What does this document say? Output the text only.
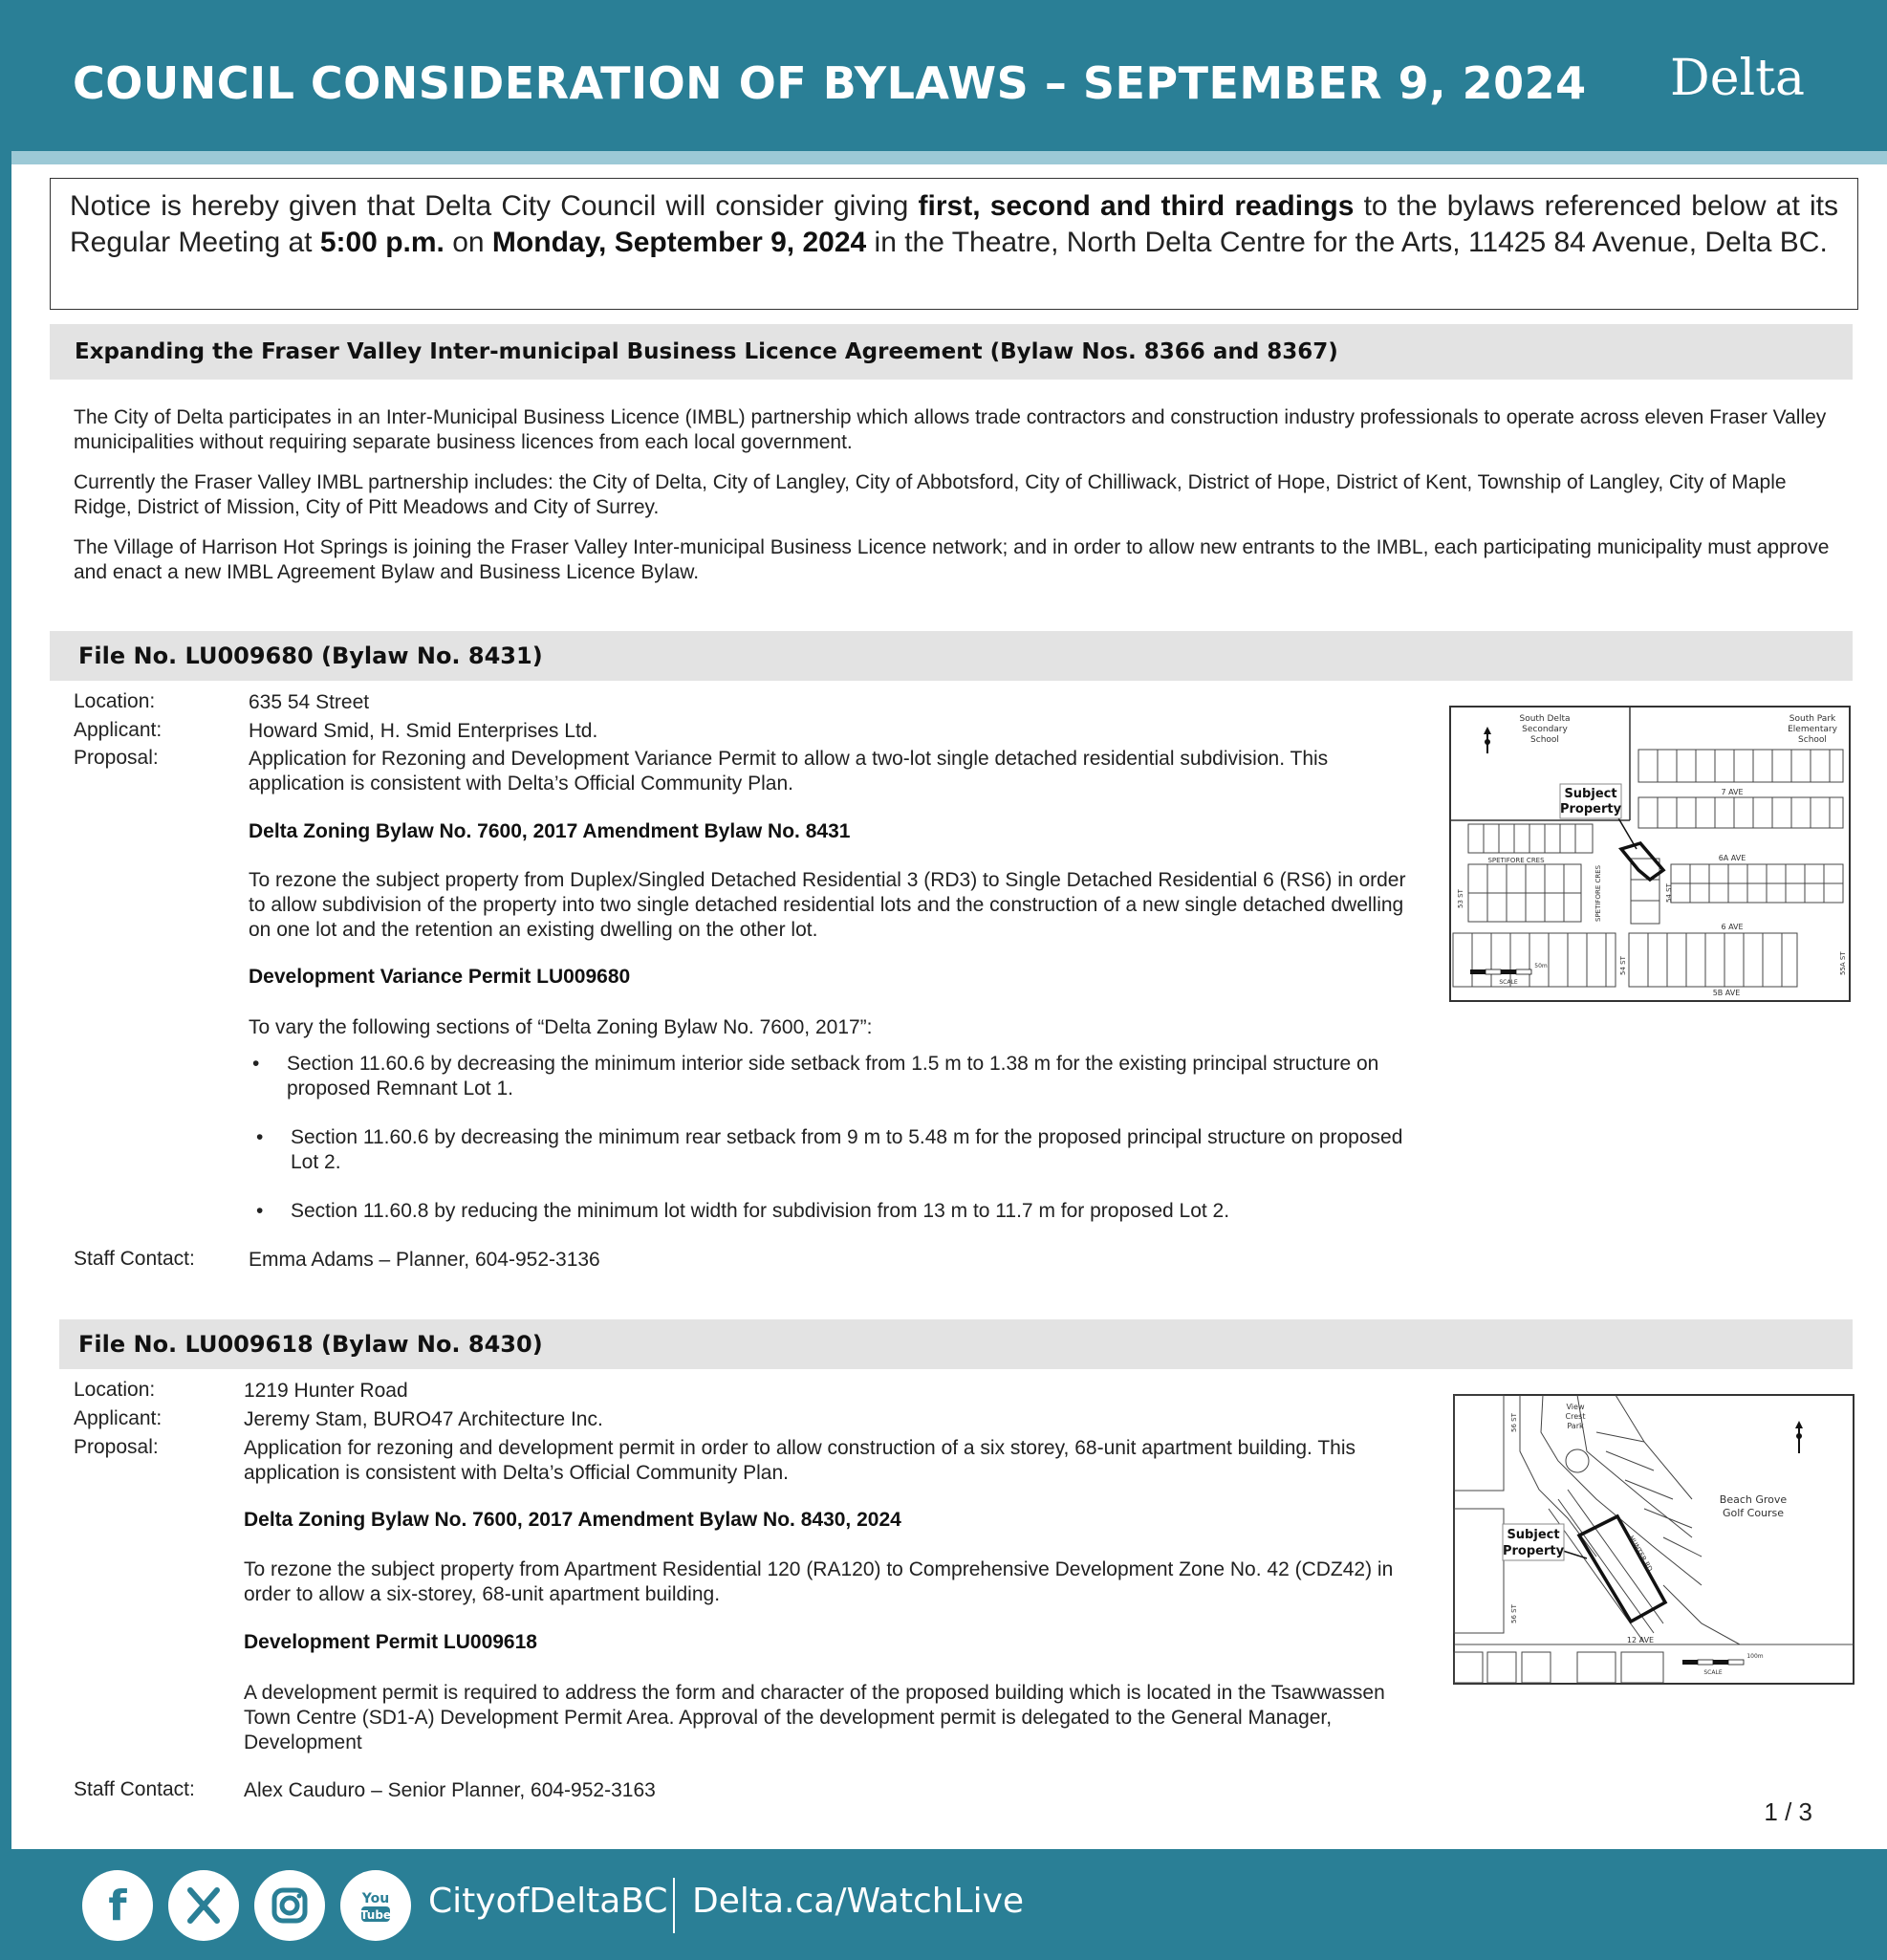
COUNCIL CONSIDERATION OF BYLAWS – SEPTEMBER 9, 2024 Delta
Notice is hereby given that Delta City Council will consider giving first, second and third readings to the bylaws referenced below at its Regular Meeting at 5:00 p.m. on Monday, September 9, 2024 in the Theatre, North Delta Centre for the Arts, 11425 84 Avenue, Delta BC.
Expanding the Fraser Valley Inter-municipal Business Licence Agreement (Bylaw Nos. 8366 and 8367)
The City of Delta participates in an Inter-Municipal Business Licence (IMBL) partnership which allows trade contractors and construction industry professionals to operate across eleven Fraser Valley municipalities without requiring separate business licences from each local government.
Currently the Fraser Valley IMBL partnership includes: the City of Delta, City of Langley, City of Abbotsford, City of Chilliwack, District of Hope, District of Kent, Township of Langley, City of Maple Ridge, District of Mission, City of Pitt Meadows and City of Surrey.
The Village of Harrison Hot Springs is joining the Fraser Valley Inter-municipal Business Licence network; and in order to allow new entrants to the IMBL, each participating municipality must approve and enact a new IMBL Agreement Bylaw and Business Licence Bylaw.
File No. LU009680 (Bylaw No. 8431)
Location:	635 54 Street
Applicant:	Howard Smid, H. Smid Enterprises Ltd.
Proposal:	Application for Rezoning and Development Variance Permit to allow a two-lot single detached residential subdivision. This application is consistent with Delta’s Official Community Plan.
Delta Zoning Bylaw No. 7600, 2017 Amendment Bylaw No. 8431
To rezone the subject property from Duplex/Singled Detached Residential 3 (RD3) to Single Detached Residential 6 (RS6) in order to allow subdivision of the property into two single detached residential lots and the construction of a new single detached dwelling on one lot and the retention an existing dwelling on the other lot.
Development Variance Permit LU009680
To vary the following sections of “Delta Zoning Bylaw No. 7600, 2017”:
• Section 11.60.6 by decreasing the minimum interior side setback from 1.5 m to 1.38 m for the existing principal structure on proposed Remnant Lot 1.
• Section 11.60.6 by decreasing the minimum rear setback from 9 m to 5.48 m for the proposed principal structure on proposed Lot 2.
• Section 11.60.8 by reducing the minimum lot width for subdivision from 13 m to 11.7 m for proposed Lot 2.
Staff Contact:	Emma Adams – Planner, 604-952-3136
Subject
Property
South Delta
Secondary
School
South Park
Elementary
School
7 AVE
6A AVE
6 AVE
5B AVE
SPETIFORE CRES
SPETIFORE CRES
53 ST	54 ST
54 ST	55A ST
SCALE
50m
File No. LU009618 (Bylaw No. 8430)
Location:	1219 Hunter Road
Applicant:	Jeremy Stam, BURO47 Architecture Inc.
Proposal:	Application for rezoning and development permit in order to allow construction of a six storey, 68-unit apartment building. This application is consistent with Delta’s Official Community Plan.
Delta Zoning Bylaw No. 7600, 2017 Amendment Bylaw No. 8430, 2024
To rezone the subject property from Apartment Residential 120 (RA120) to Comprehensive Development Zone No. 42 (CDZ42) in order to allow a six-storey, 68-unit apartment building.
Development Permit LU009618
A development permit is required to address the form and character of the proposed building which is located in the Tsawwassen Town Centre (SD1-A) Development Permit Area. Approval of the development permit is delegated to the General Manager, Development
Staff Contact: Alex Cauduro – Senior Planner, 604-952-3163
Subject
Property
View
Crest
Park
Beach Grove
Golf Course
56 ST
56 ST
HUNTER RD
12 AVE
SCALE
100m
1 / 3
f	You
Tube CityofDeltaBC Delta.ca/WatchLive
